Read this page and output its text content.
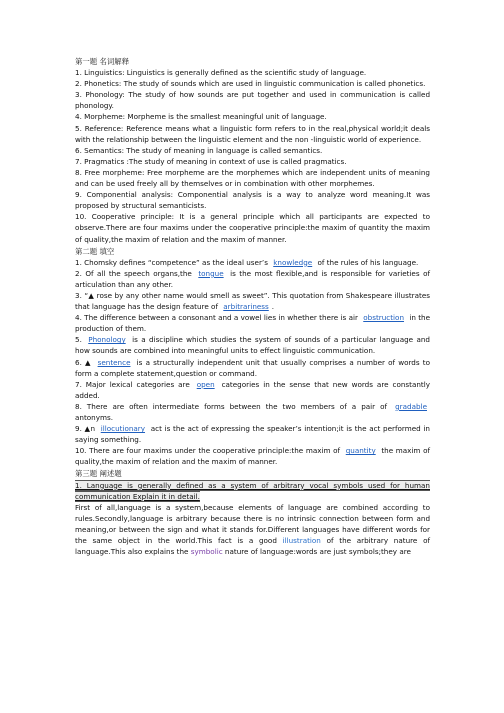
第一题 名词解释

1. Linguistics: Linguistics is generally defined as the scientific study of language.

2. Phonetics: The study of sounds which are used in linguistic communication is called phonetics.

3. Phonology: The study of how sounds are put together and used in communication is called phonology.

4. Morpheme: Morpheme is the smallest meaningful unit of language.

5. Reference: Reference means what a linguistic form refers to in the real,physical world;it deals with the relationship between the linguistic element and the non -linguistic world of experience.

6. Semantics: The study of meaning in language is called semantics.

7. Pragmatics :The study of meaning in context of use is called pragmatics.

8. Free morpheme: Free morpheme are the morphemes which are independent units of meaning and can be used freely all by themselves or in combination with other morphemes.

9. Componential analysis: Componential analysis is a way to analyze word meaning.It was proposed by structural semanticists.

10. Cooperative principle: It is a general principle which all participants are expected to observe.There are four maxims under the cooperative principle:the maxim of quantity the maxim of quality,the maxim of relation and the maxim of manner.

第二题 填空

1. Chomsky defines “competence” as the ideal user’s knowledge of the rules of his language.

2. Of all the speech organs,the tongue is the most flexible,and is responsible for varieties of articulation than any other.

3. “▲ rose by any other name would smell as sweet”. This quotation from Shakespeare illustrates that language has the design feature of arbitrariness .

4. The difference between a consonant and a vowel lies in whether there is air obstruction in the production of them.

5. Phonology is a discipline which studies the system of sounds of a particular language and how sounds are combined into meaningful units to effect linguistic communication.

6. ▲ sentence is a structurally independent unit that usually comprises a number of words to form a complete statement,question or command.

7. Major lexical categories are open categories in the sense that new words are constantly added.

8. There are often intermediate forms between the two members of a pair of gradable antonyms.

9. ▲n illocutionary act is the act of expressing the speaker’s intention;it is the act performed in saying something.

10. There are four maxims under the cooperative principle:the maxim of quantity the maxim of quality,the maxim of relation and the maxim of manner.

第三题 阐述题

1. Language is generally defined as a system of arbitrary vocal symbols used for human communication Explain it in detail.

First of all,language is a system,because elements of language are combined according to rules.Secondly,language is arbitrary because there is no intrinsic connection between form and meaning,or between the sign and what it stands for.Different languages have different words for the same object in the world.This fact is a good illustration of the arbitrary nature of language.This also explains the symbolic nature of language:words are just symbols;they are
